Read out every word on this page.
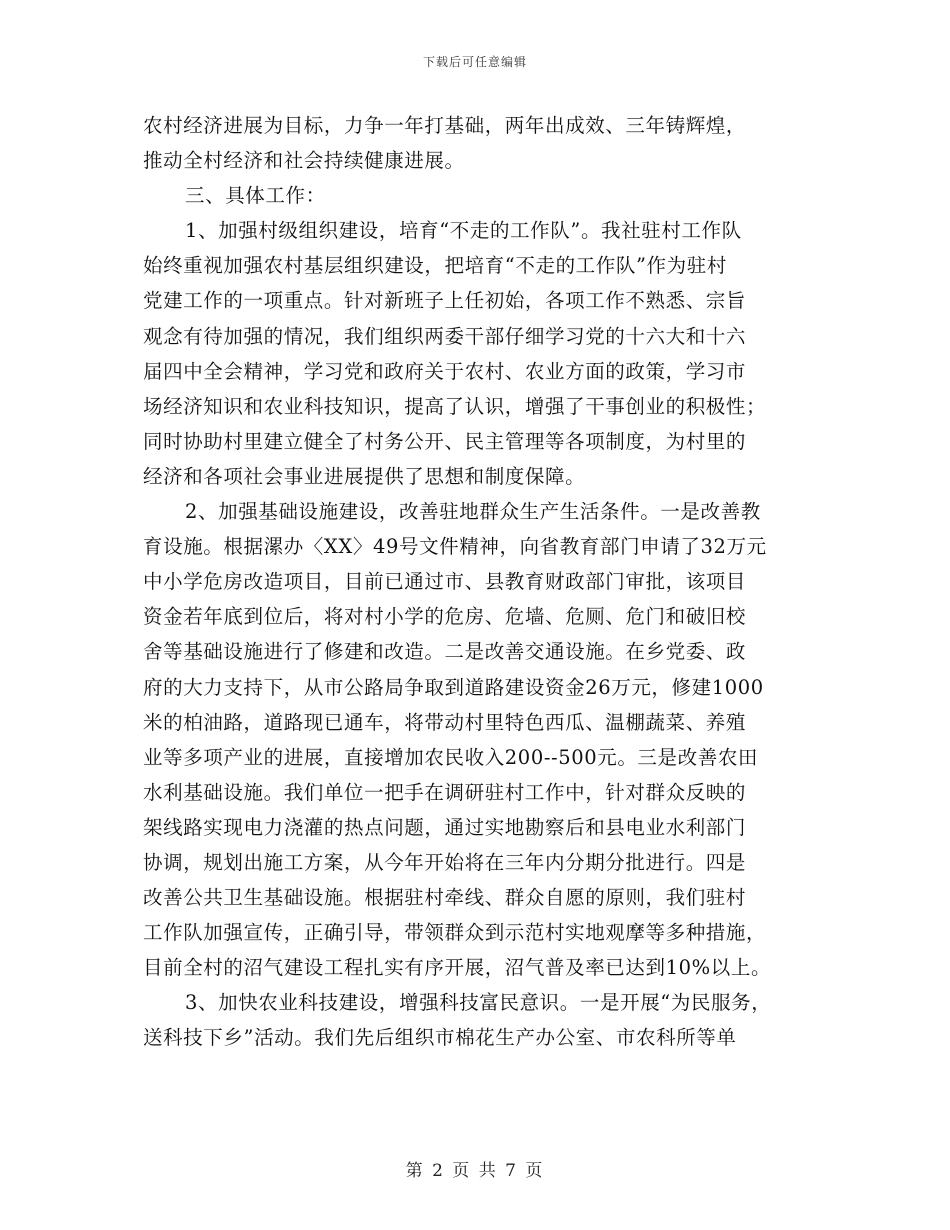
下载后可任意编辑
农村经济进展为目标，力争一年打基础，两年出成效、三年铸辉煌，
推动全村经济和社会持续健康进展。
三、具体工作：
1、加强村级组织建设，培育“不走的工作队”。我社驻村工作队
始终重视加强农村基层组织建设，把培育“不走的工作队”作为驻村
党建工作的一项重点。针对新班子上任初始，各项工作不熟悉、宗旨
观念有待加强的情况，我们组织两委干部仔细学习党的十六大和十六
届四中全会精神，学习党和政府关于农村、农业方面的政策，学习市
场经济知识和农业科技知识，提高了认识，增强了干事创业的积极性；
同时协助村里建立健全了村务公开、民主管理等各项制度，为村里的
经济和各项社会事业进展提供了思想和制度保障。
2、加强基础设施建设，改善驻地群众生产生活条件。一是改善教
育设施。根据漯办〈XX〉49号文件精神，向省教育部门申请了32万元
中小学危房改造项目，目前已通过市、县教育财政部门审批，该项目
资金若年底到位后，将对村小学的危房、危墙、危厕、危门和破旧校
舍等基础设施进行了修建和改造。二是改善交通设施。在乡党委、政
府的大力支持下，从市公路局争取到道路建设资金26万元，修建1000
米的柏油路，道路现已通车，将带动村里特色西瓜、温棚蔬菜、养殖
业等多项产业的进展，直接增加农民收入200--500元。三是改善农田
水利基础设施。我们单位一把手在调研驻村工作中，针对群众反映的
架线路实现电力浇灌的热点问题，通过实地勘察后和县电业水利部门
协调，规划出施工方案，从今年开始将在三年内分期分批进行。四是
改善公共卫生基础设施。根据驻村牵线、群众自愿的原则，我们驻村
工作队加强宣传，正确引导，带领群众到示范村实地观摩等多种措施，
目前全村的沼气建设工程扎实有序开展，沼气普及率已达到10%以上。
3、加快农业科技建设，增强科技富民意识。一是开展“为民服务，
送科技下乡”活动。我们先后组织市棉花生产办公室、市农科所等单
第 2 页 共 7 页
